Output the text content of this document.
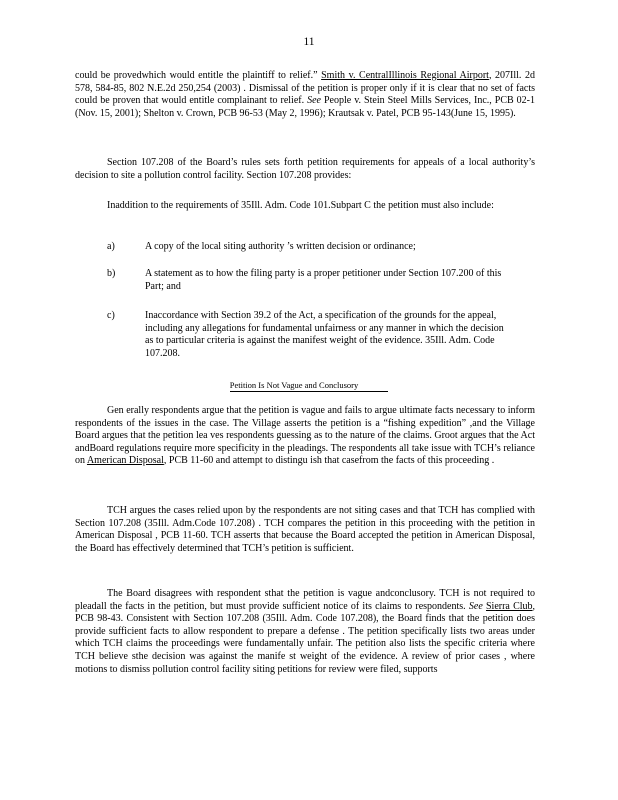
11

could be provedwhich would entitle the plaintiff to relief.” Smith v. CentralIllinois Regional Airport, 207Ill. 2d 578, 584-85, 802 N.E.2d 250,254 (2003) . Dismissal of the petition is proper only if it is clear that no set of facts could be proven that would entitle complainant to relief. See People v. Stein Steel Mills Services, Inc., PCB 02-1 (Nov. 15, 2001); Shelton v. Crown, PCB 96-53 (May 2, 1996); Krautsak v. Patel, PCB 95-143(June 15, 1995).

Section 107.208 of the Board’s rules sets forth petition requirements for appeals of a local authority’s decision to site a pollution control facility. Section 107.208 provides:

Inaddition to the requirements of 35Ill. Adm. Code 101.Subpart C the petition must also include:
a)	A copy of the local siting authority ’s written decision or ordinance;
b)	A statement as to how the filing party is a proper petitioner under Section 107.200 of this Part; and
c)	Inaccordance with Section 39.2 of the Act, a specification of the grounds for the appeal, including any allegations for fundamental unfairness or any manner in which the decision as to particular criteria is against the manifest weight of the evidence. 35Ill. Adm. Code 107.208.
Petition Is Not Vague and Conclusory

Gen erally respondents argue that the petition is vague and fails to argue ultimate facts necessary to inform respondents of the issues in the case. The Village asserts the petition is a “fishing expedition” ,and the Village Board argues that the petition lea ves respondents guessing as to the nature of the claims. Groot argues that the Act andBoard regulations require more specificity in the pleadings. The respondents all take issue with TCH’s reliance on American Disposal, PCB 11-60 and attempt to distingu ish that casefrom the facts of this proceeding .

TCH argues the cases relied upon by the respondents are not siting cases and that TCH has complied with Section 107.208 (35Ill. Adm.Code 107.208) . TCH compares the petition in this proceeding with the petition in American Disposal , PCB 11-60. TCH asserts that because the Board accepted the petition in American Disposal, the Board has effectively determined that TCH’s petition is sufficient.

The Board disagrees with respondent sthat the petition is vague andconclusory. TCH is not required to pleadall the facts in the petition, but must provide sufficient notice of its claims to respondents. See Sierra Club, PCB 98-43. Consistent with Section 107.208 (35Ill. Adm. Code 107.208), the Board finds that the petition does provide sufficient facts to allow respondent to prepare a defense . The petition specifically lists two areas under which TCH claims the proceedings were fundamentally unfair. The petition also lists the specific criteria where TCH believe sthe decision was against the manife st weight of the evidence. A review of prior cases , where motions to dismiss pollution control facility siting petitions for review were filed, supports
